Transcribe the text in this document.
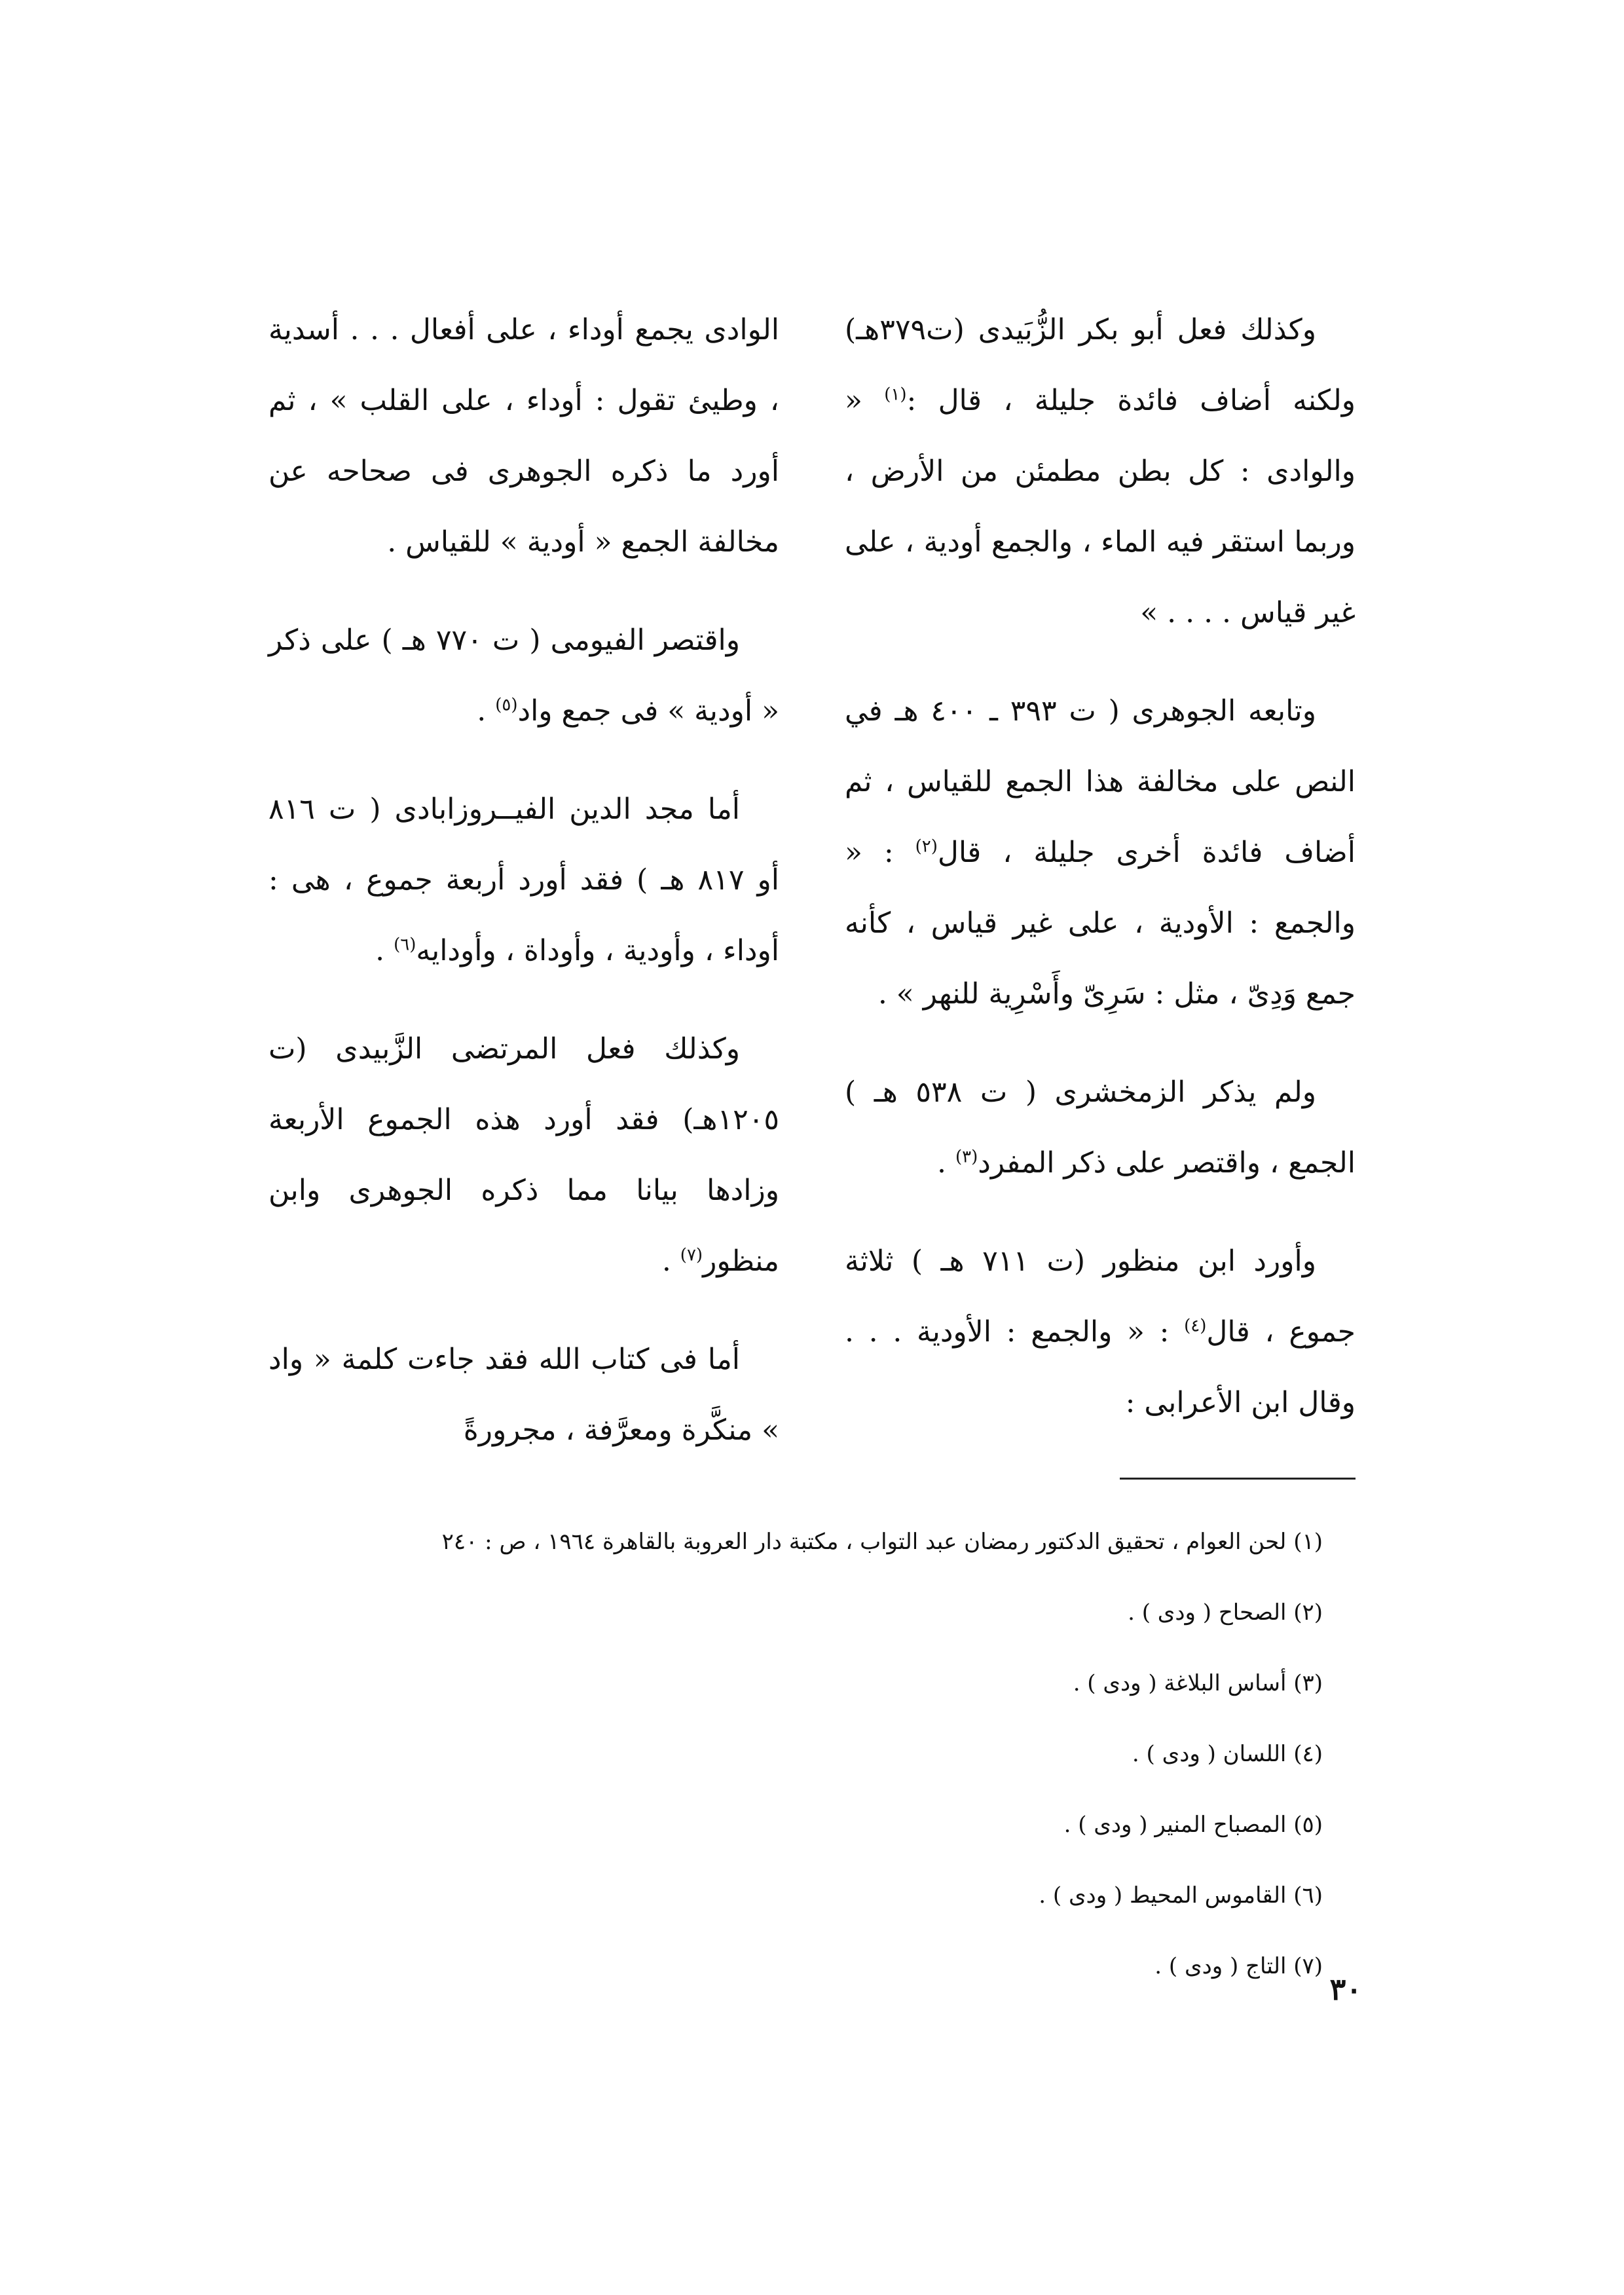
وكذلك فعل أبو بكر الزُّبَيدى (ت٣٧٩هـ) ولكنه أضاف فائدة جليلة ، قال :$^{(١)}$ « والوادى : كل بطن مطمئن من الأرض ، وربما استقر فيه الماء ، والجمع أودية ، على غير قياس . . . . »

وتابعه الجوهرى ( ت ٣٩٣ ـ ٤٠٠ هـ في النص على مخالفة هذا الجمع للقياس ، ثم أضاف فائدة أخرى جليلة ، قال$^{(٢)}$ : « والجمع : الأودية ، على غير قياس ، كأنه جمع وَدِىّ ، مثل : سَرِىّ وأَسْرِية للنهر » .

ولم يذكر الزمخشرى ( ت ٥٣٨ هـ ) الجمع ، واقتصر على ذكر المفرد$^{(٣)}$ .

وأورد ابن منظور (ت ٧١١ هـ ) ثلاثة جموع ، قال$^{(٤)}$ : « والجمع : الأودية . . . وقال ابن الأعرابى :

الوادى يجمع أوداء ، على أفعال . . . أسدية ، وطيئ تقول : أوداء ، على القلب » ، ثم أورد ما ذكره الجوهرى فى صحاحه عن مخالفة الجمع « أودية » للقياس .

واقتصر الفيومى ( ت ٧٧٠ هـ ) على ذكر « أودية » فى جمع واد$^{(٥)}$ .

أما مجد الدين الفيــروزابادى ( ت ٨١٦ أو ٨١٧ هـ ) فقد أورد أربعة جموع ، هى : أوداء ، وأودية ، وأوداة ، وأودايه$^{(٦)}$ .

وكذلك فعل المرتضى الزَّبيدى (ت ١٢٠٥هـ) فقد أورد هذه الجموع الأربعة وزادها بيانا مما ذكره الجوهرى وابن منظور$^{(٧)}$ .

أما فى كتاب الله فقد جاءت كلمة « واد » منكَّرة ومعرَّفة ، مجرورةً

(١) لحن العوام ، تحقيق الدكتور رمضان عبد التواب ، مكتبة دار العروبة بالقاهرة ١٩٦٤ ، ص : ٢٤٠
(٢) الصحاح ( ودى ) .
(٣) أساس البلاغة ( ودى ) .
(٤) اللسان ( ودى ) .
(٥) المصباح المنير ( ودى ) .
(٦) القاموس المحيط ( ودى ) .
(٧) التاج ( ودى ) .
٣٠
